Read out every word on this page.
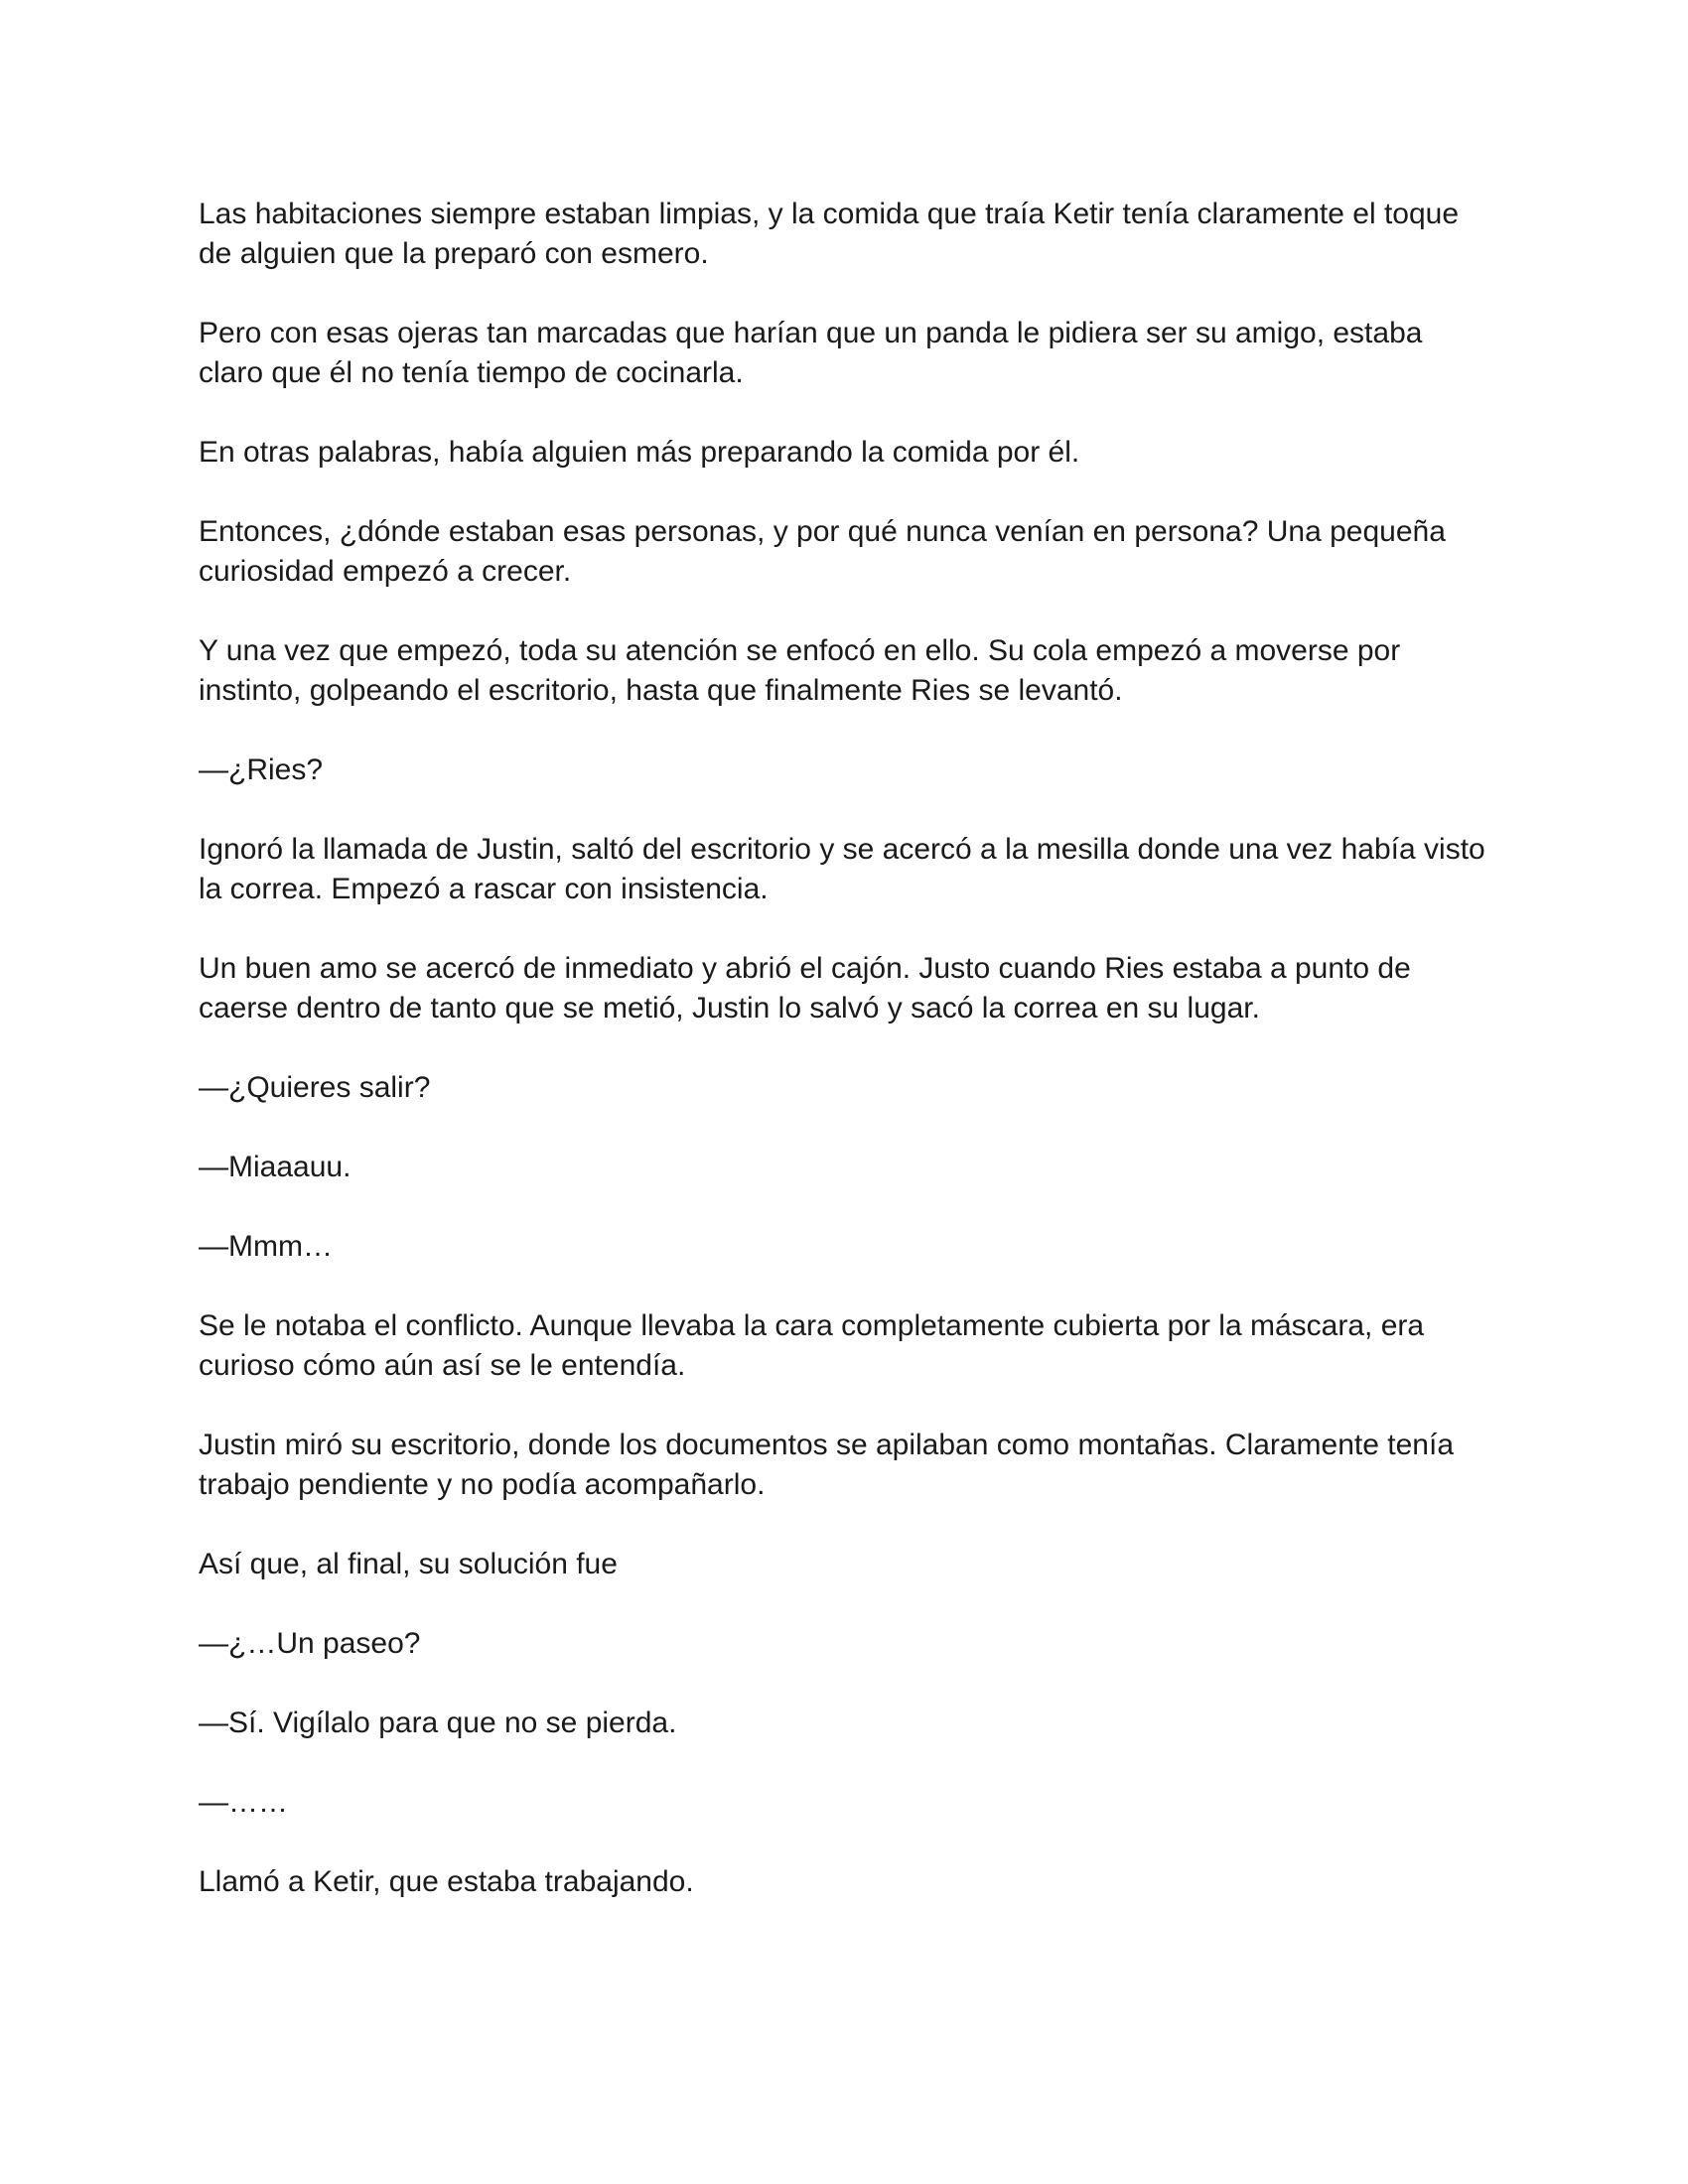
Las habitaciones siempre estaban limpias, y la comida que traía Ketir tenía claramente el toque de alguien que la preparó con esmero.

Pero con esas ojeras tan marcadas que harían que un panda le pidiera ser su amigo, estaba claro que él no tenía tiempo de cocinarla.

En otras palabras, había alguien más preparando la comida por él.

Entonces, ¿dónde estaban esas personas, y por qué nunca venían en persona? Una pequeña curiosidad empezó a crecer.

Y una vez que empezó, toda su atención se enfocó en ello. Su cola empezó a moverse por instinto, golpeando el escritorio, hasta que finalmente Ries se levantó.

—¿Ries?

Ignoró la llamada de Justin, saltó del escritorio y se acercó a la mesilla donde una vez había visto la correa. Empezó a rascar con insistencia.

Un buen amo se acercó de inmediato y abrió el cajón. Justo cuando Ries estaba a punto de caerse dentro de tanto que se metió, Justin lo salvó y sacó la correa en su lugar.

—¿Quieres salir?

—Miaaauu.

—Mmm…

Se le notaba el conflicto. Aunque llevaba la cara completamente cubierta por la máscara, era curioso cómo aún así se le entendía.

Justin miró su escritorio, donde los documentos se apilaban como montañas. Claramente tenía trabajo pendiente y no podía acompañarlo.

Así que, al final, su solución fue

—¿…Un paseo?

—Sí. Vigílalo para que no se pierda.

—……

Llamó a Ketir, que estaba trabajando.
